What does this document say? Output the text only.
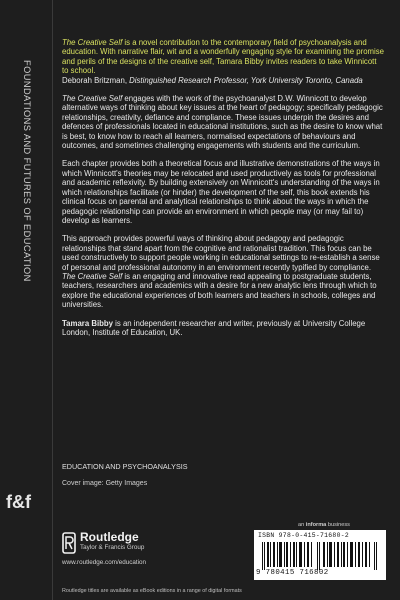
FOUNDATIONS AND FUTURES OF EDUCATION
f&f

The Creative Self is a novel contribution to the contemporary field of psychoanalysis and education. With narrative flair, wit and a wonderfully engaging style for examining the promise and perils of the designs of the creative self, Tamara Bibby invites readers to take Winnicott to school.

Deborah Britzman, Distinguished Research Professor, York University Toronto, Canada

The Creative Self engages with the work of the psychoanalyst D.W. Winnicott to develop alternative ways of thinking about key issues at the heart of pedagogy; specifically pedagogic relationships, creativity, defiance and compliance. These issues underpin the desires and defences of professionals located in educational institutions, such as the desire to know what is best, to know how to reach all learners, normalised expectations of behaviours and outcomes, and sometimes challenging engagements with students and the curriculum.

Each chapter provides both a theoretical focus and illustrative demonstrations of the ways in which Winnicott's theories may be relocated and used productively as tools for professional and academic reflexivity. By building extensively on Winnicott's understanding of the ways in which relationships facilitate (or hinder) the development of the self, this book extends his clinical focus on parental and analytical relationships to think about the ways in which the pedagogic relationship can provide an environment in which people may (or may fail to) develop as learners.

This approach provides powerful ways of thinking about pedagogy and pedagogic relationships that stand apart from the cognitive and rationalist tradition. This focus can be used constructively to support people working in educational settings to re-establish a sense of personal and professional autonomy in an environment recently typified by compliance. The Creative Self is an engaging and innovative read appealing to postgraduate students, teachers, researchers and academics with a desire for a new analytic lens through which to explore the educational experiences of both learners and teachers in schools, colleges and universities.

Tamara Bibby is an independent researcher and writer, previously at University College London, Institute of Education, UK.

EDUCATION AND PSYCHOANALYSIS
Cover image: Getty Images
an informa business
Routledge
Taylor & Francis Group
www.routledge.com/education
ISBN 978-0-415-71680-2
9 780415 716802
Routledge titles are available as eBook editions in a range of digital formats
